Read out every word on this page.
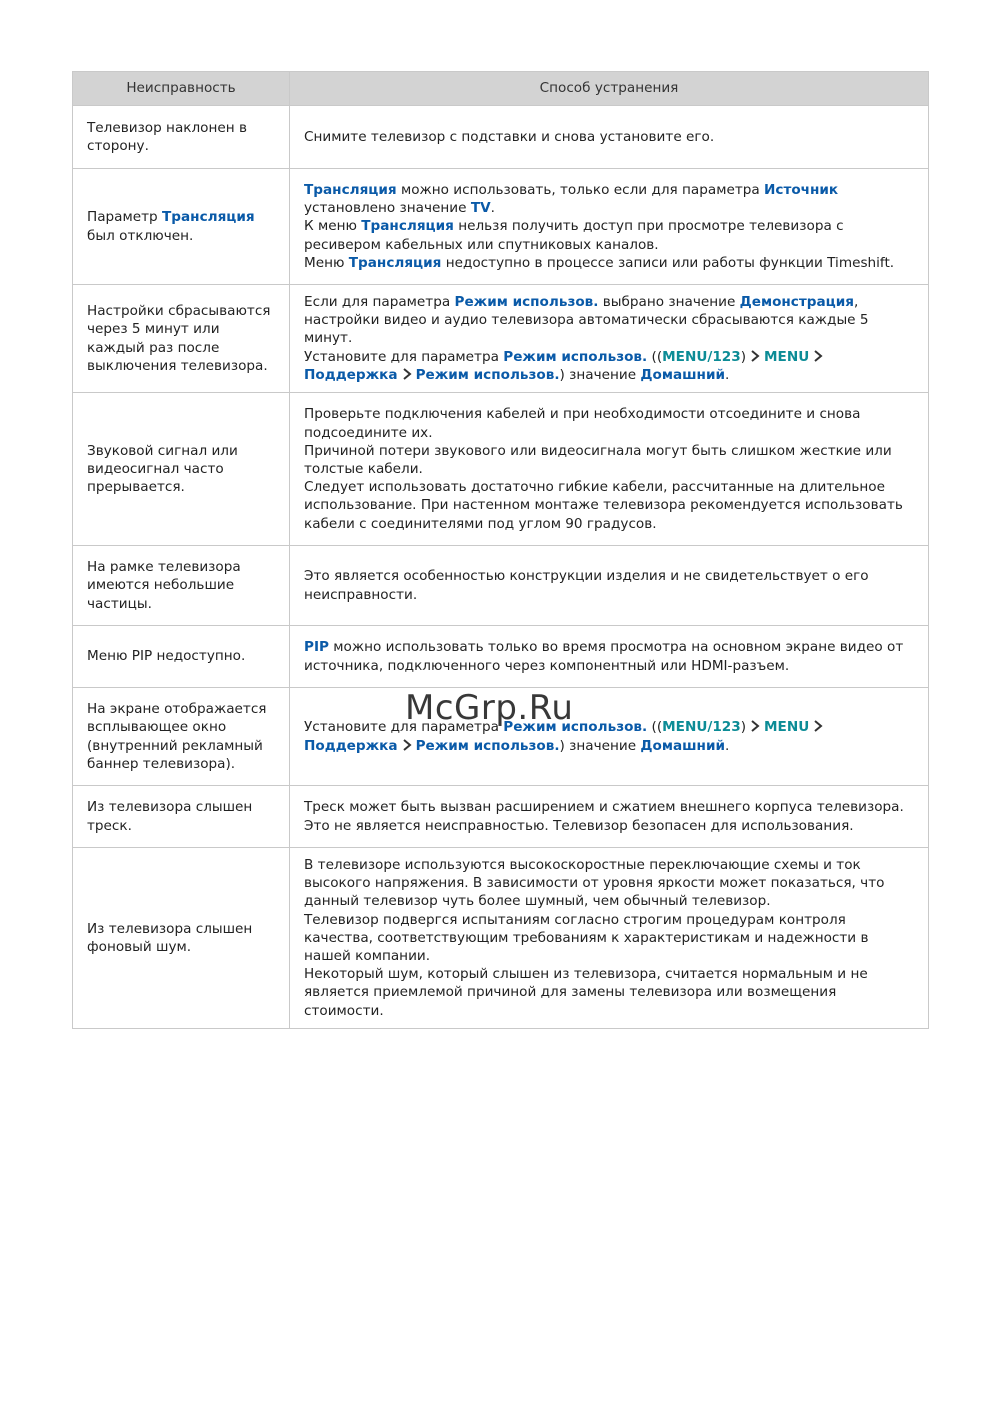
Неисправность	Способ устранения
Телевизор наклонен в сторону.	Снимите телевизор с подставки и снова установите его.

Параметр Трансляция был отключен.	Трансляция можно использовать, только если для параметра Источник установлено значение TV.
К меню Трансляция нельзя получить доступ при просмотре телевизора с ресивером кабельных или спутниковых каналов.
Меню Трансляция недоступно в процессе записи или работы функции Timeshift.

Настройки сбрасываются через 5 минут или каждый раз после выключения телевизора.	Если для параметра Режим использов. выбрано значение Демонстрация, настройки видео и аудио телевизора автоматически сбрасываются каждые 5 минут.
Установите для параметра Режим использов. ((MENU/123) MENU
Поддержка Режим использов.) значение Домашний.

Звуковой сигнал или видеосигнал часто прерывается.	Проверьте подключения кабелей и при необходимости отсоедините и снова подсоедините их.
Причиной потери звукового или видеосигнала могут быть слишком жесткие или толстые кабели.
Следует использовать достаточно гибкие кабели, рассчитанные на длительное использование. При настенном монтаже телевизора рекомендуется использовать кабели с соединителями под углом 90 градусов.

На рамке телевизора имеются небольшие частицы.	Это является особенностью конструкции изделия и не свидетельствует о его неисправности.

Меню PIP недоступно.	PIP можно использовать только во время просмотра на основном экране видео от источника, подключенного через компонентный или HDMI-разъем.

На экране отображается всплывающее окно (внутренний рекламный баннер телевизора).	Установите для параметра Режим использов. ((MENU/123) MENU
Поддержка Режим использов.) значение Домашний.

Из телевизора слышен треск.	Треск может быть вызван расширением и сжатием внешнего корпуса телевизора. Это не является неисправностью. Телевизор безопасен для использования.

Из телевизора слышен фоновый шум.	В телевизоре используются высокоскоростные переключающие схемы и ток высокого напряжения. В зависимости от уровня яркости может показаться, что данный телевизор чуть более шумный, чем обычный телевизор.
Телевизор подвергся испытаниям согласно строгим процедурам контроля качества, соответствующим требованиям к характеристикам и надежности в нашей компании.
Некоторый шум, который слышен из телевизора, считается нормальным и не является приемлемой причиной для замены телевизора или возмещения стоимости.
McGrp.Ru
